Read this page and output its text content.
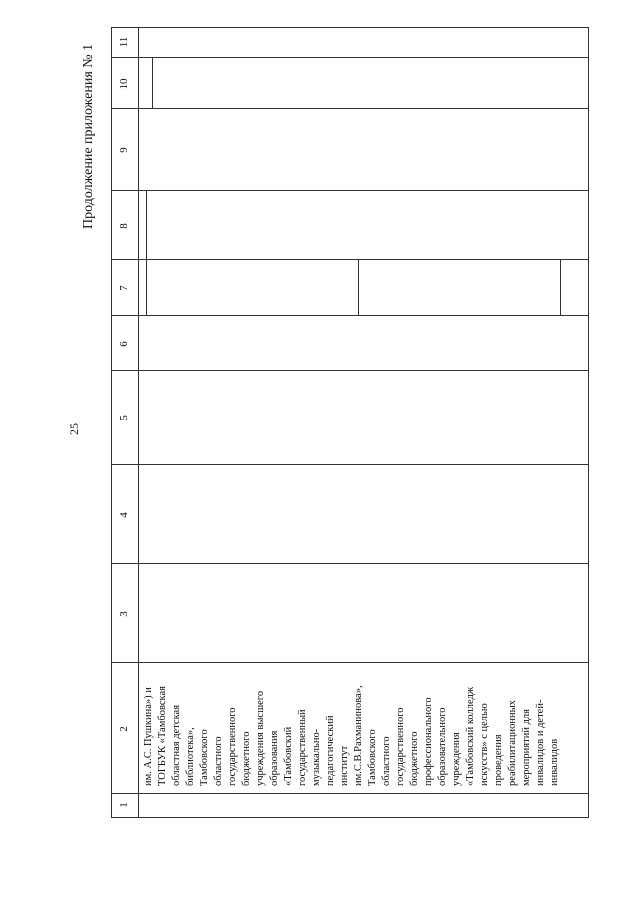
25
Продолжение приложения № 1
1
2
3
4
5
6
7
8
9
10
11
им. А.С. Пушкина») и ТОГБУК «Тамбовская областная детская библиотека», Тамбовского областного государственного бюджетного учреждения высшего образования «Тамбовский государственный музыкально- педагогический институт им.С.В.Рахманинова», Тамбовского областного государственного бюджетного профессионального образовательного учреждения «Тамбовский колледж искусств» с целью проведения реабилитационных мероприятий для инвалидов и детей- инвалидов
